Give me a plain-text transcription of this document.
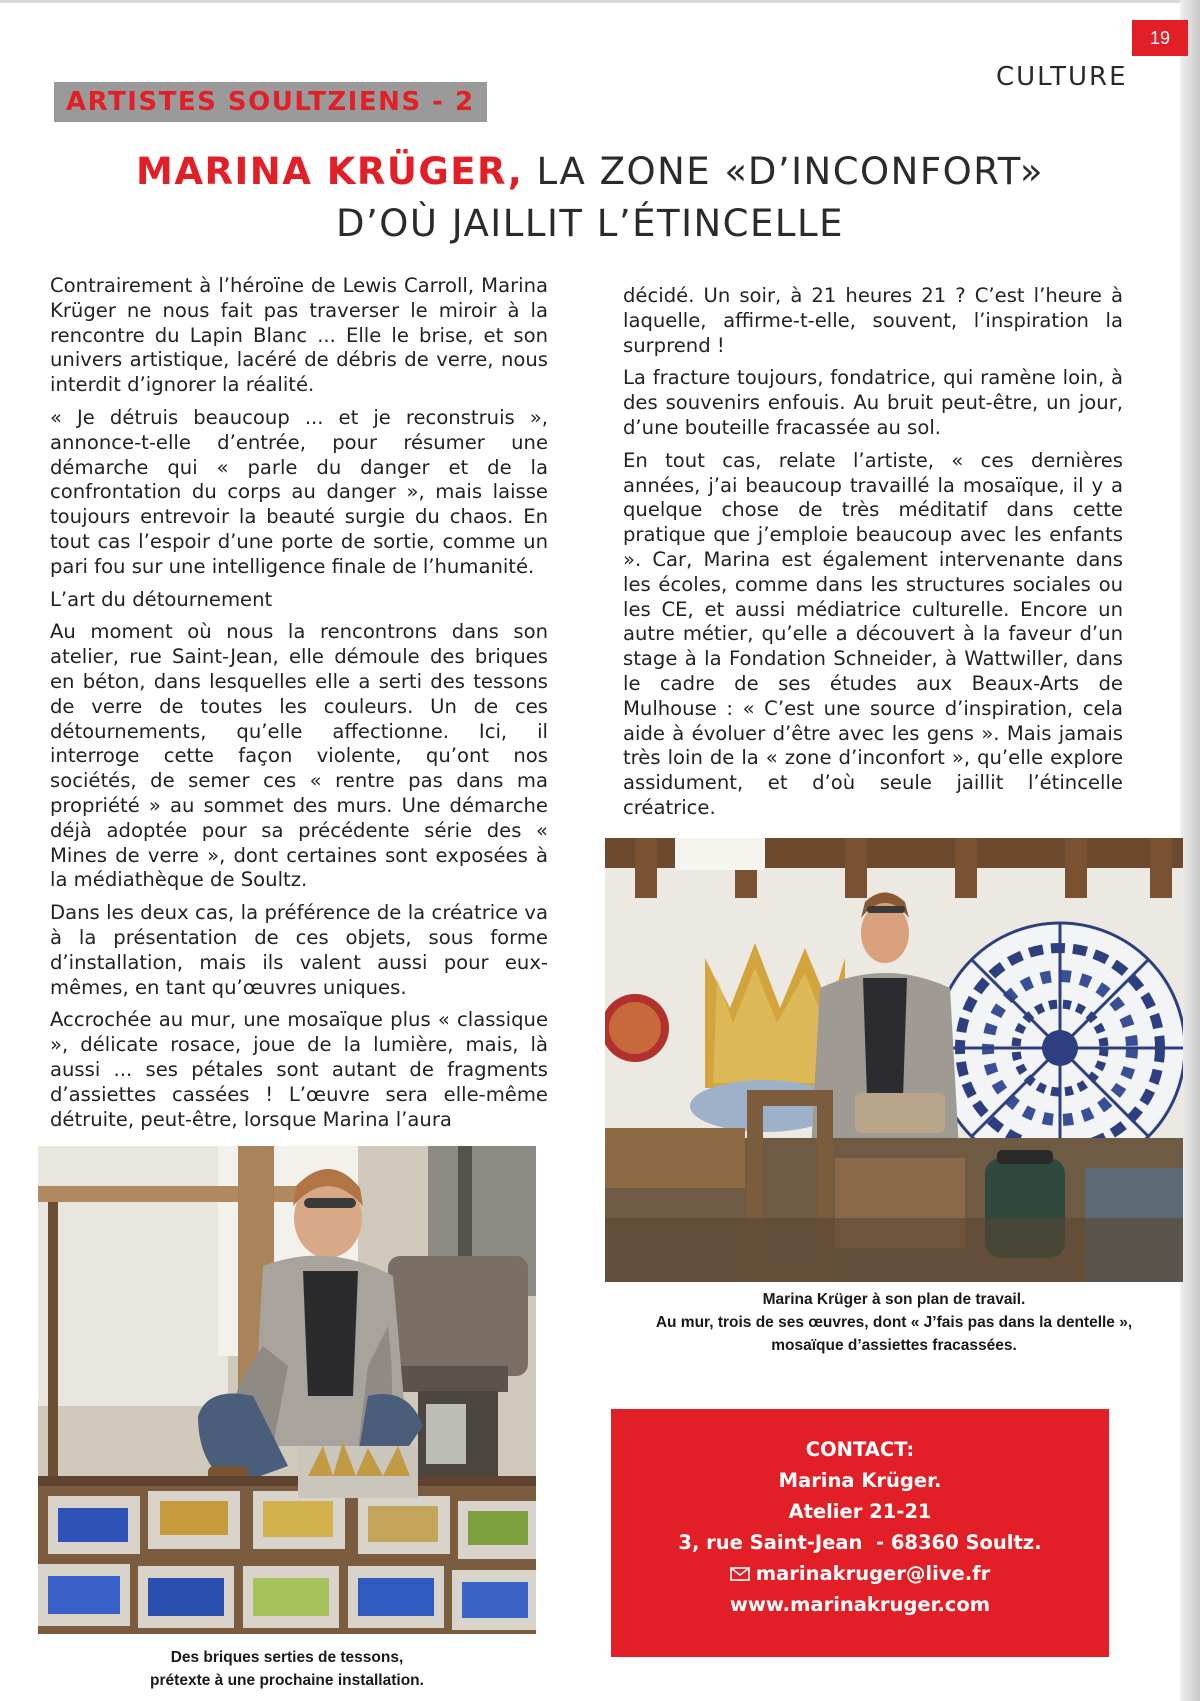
19
CULTURE
ARTISTES SOULTZIENS - 2
MARINA KRÜGER, LA ZONE «D’INCONFORT»
D’OÙ JAILLIT L’ÉTINCELLE

Contrairement à l’héroïne de Lewis Carroll, Marina Krüger ne nous fait pas traverser le miroir à la rencontre du Lapin Blanc ... Elle le brise, et son univers artistique, lacéré de débris de verre, nous interdit d’ignorer la réalité.

« Je détruis beaucoup ... et je reconstruis », annonce-t-elle d’entrée, pour résumer une démarche qui « parle du danger et de la confrontation du corps au danger », mais laisse toujours entrevoir la beauté surgie du chaos. En tout cas l’espoir d’une porte de sortie, comme un pari fou sur une intelligence finale de l’humanité.

L’art du détournement

Au moment où nous la rencontrons dans son atelier, rue Saint-Jean, elle démoule des briques en béton, dans lesquelles elle a serti des tessons de verre de toutes les couleurs. Un de ces détournements, qu’elle affectionne. Ici, il interroge cette façon violente, qu’ont nos sociétés, de semer ces « rentre pas dans ma propriété » au sommet des murs. Une démarche déjà adoptée pour sa précédente série des « Mines de verre », dont certaines sont exposées à la médiathèque de Soultz.

Dans les deux cas, la préférence de la créatrice va à la présentation de ces objets, sous forme d’installation, mais ils valent aussi pour eux-mêmes, en tant qu’œuvres uniques.

Accrochée au mur, une mosaïque plus « classique », délicate rosace, joue de la lumière, mais, là aussi ... ses pétales sont autant de fragments d’assiettes cassées ! L’œuvre sera elle-même détruite, peut-être, lorsque Marina l’aura

décidé. Un soir, à 21 heures 21 ? C’est l’heure à laquelle, affirme-t-elle, souvent, l’inspiration la surprend !

La fracture toujours, fondatrice, qui ramène loin, à des souvenirs enfouis. Au bruit peut-être, un jour, d’une bouteille fracassée au sol.

En tout cas, relate l’artiste, « ces dernières années, j’ai beaucoup travaillé la mosaïque, il y a quelque chose de très méditatif dans cette pratique que j’emploie beaucoup avec les enfants ». Car, Marina est également intervenante dans les écoles, comme dans les structures sociales ou les CE, et aussi médiatrice culturelle. Encore un autre métier, qu’elle a découvert à la faveur d’un stage à la Fondation Schneider, à Wattwiller, dans le cadre de ses études aux Beaux-Arts de Mulhouse : « C’est une source d’inspiration, cela aide à évoluer d’être avec les gens ». Mais jamais très loin de la « zone d’inconfort », qu’elle explore assidument, et d’où seule jaillit l’étincelle créatrice.

Des briques serties de tessons,
prétexte à une prochaine installation.
Marina Krüger à son plan de travail.
Au mur, trois de ses œuvres, dont « J’fais pas dans la dentelle »,
mosaïque d’assiettes fracassées.
CONTACT:
Marina Krüger.
Atelier 21-21
3, rue Saint-Jean  - 68360 Soultz.
marinakruger@live.fr
www.marinakruger.com
